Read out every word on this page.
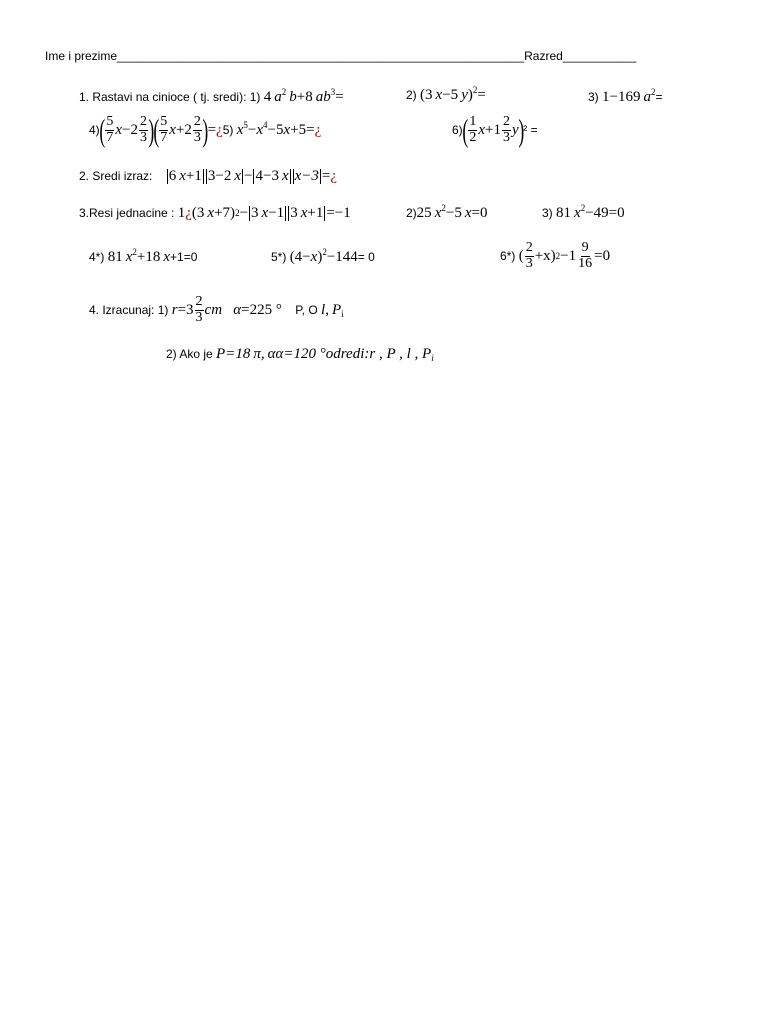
Ime i prezime_____________________________________________________________Razred___________
1. Rastavi na cinioce ( tj. sredi):
1)
4  $a^2$  b+8  $ab^3=$	2)
(3  x−5  y)$^2$=	3)
1−169  $a^2$ =
4) ( $\frac{5}{7}$ $x -2 \frac{2}{3}$ )
( $\frac{5}{7}$ $x +2 \frac{2}{3}$ ) = ¿ 5)
$x^5-x^4-5x+5=¿$	6) ( $\frac{1}{2}$ $x +1 \frac{2}{3}$ y ) ² =
2. Sredi izraz:
6
  x +1 3−2
  x − 4−3
  x x−3 = ¿
3.Resi jednacine :
1 ¿ (3
  x +7) 2 − 3
  x −1 3
  x +1 =−1	2) 25  $x^2-5$  x=0	3)
81  $x^2-49=0$
4*)
81  $x^2+18$  x +1=0	5*)
$(4-x)^2-144 = 0$	6*)
( $\frac{2}{3} +x$ ) $2 -1 \frac{9}{16} =0$
4. Izracunaj: 1)
$r =3 \frac{2}{3}$ cm
α =225 °
P, O
l,  $P_i$
2) Ako je
P=18  π,  αα=120 °odredi:r , P , l , $P_i$
